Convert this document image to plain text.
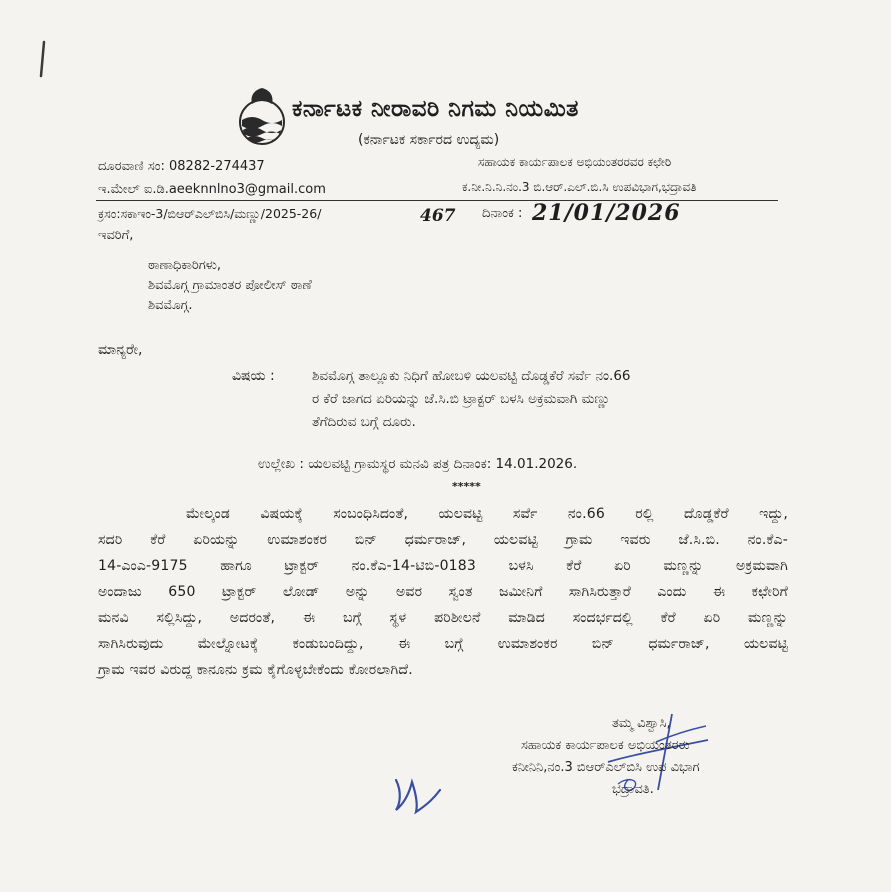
ಕರ್ನಾಟಕ ನೀರಾವರಿ ನಿಗಮ ನಿಯಮಿತ
(ಕರ್ನಾಟಕ ಸರ್ಕಾರದ ಉದ್ಯಮ)
ದೂರವಾಣಿ ಸಂ: 08282-274437
ಇ.ಮೇಲ್ ಐ.ಡಿ.aeeknnlno3@gmail.com
ಸಹಾಯಕ ಕಾರ್ಯಪಾಲಕ ಅಭಿಯಂತರರವರ ಕಛೇರಿ
ಕ.ನೀ.ನಿ.ನಿ.ನಂ.3 ಬಿ.ಆರ್.ಎಲ್.ಬಿ.ಸಿ ಉಪವಿಭಾಗ,ಭದ್ರಾವತಿ
ಕ್ರಸಂ:ಸಕಾಇಂ-3/ಬಿಆರ್‌ಎಲ್‌ಬಿಸಿ/ಮಣ್ಣು/2025-26/	467 ದಿನಾಂಕ : 21/01/2026
ಇವರಿಗೆ,
ಠಾಣಾಧಿಕಾರಿಗಳು,
ಶಿವಮೊಗ್ಗ ಗ್ರಾಮಾಂತರ ಪೋಲೀಸ್ ಠಾಣೆ
ಶಿವಮೊಗ್ಗ.
ಮಾನ್ಯರೇ,
ವಿಷಯ :	ಶಿವಮೊಗ್ಗ ತಾಲ್ಲೂಕು ನಿಧಿಗೆ ಹೋಬಳಿ ಯಲವಟ್ಟಿ ದೊಡ್ಡಕೆರೆ ಸರ್ವೆ ನಂ.66
ರ ಕೆರೆ ಜಾಗದ ಏರಿಯನ್ನು ಜೆ.ಸಿ.ಬಿ ಟ್ರಾಕ್ಟರ್ ಬಳಸಿ ಅಕ್ರಮವಾಗಿ ಮಣ್ಣು
ತೆಗೆದಿರುವ ಬಗ್ಗೆ ದೂರು.
ಉಲ್ಲೇಖ : ಯಲವಟ್ಟಿ ಗ್ರಾಮಸ್ಥರ ಮನವಿ ಪತ್ರ ದಿನಾಂಕ: 14.01.2026.
*****
ಮೇಲ್ಕಂಡ ವಿಷಯಕ್ಕೆ ಸಂಬಂಧಿಸಿದಂತೆ, ಯಲವಟ್ಟಿ ಸರ್ವೆ ನಂ.66 ರಲ್ಲಿ ದೊಡ್ಡಕೆರೆ ಇದ್ದು,
ಸದರಿ ಕೆರೆ ಏರಿಯನ್ನು ಉಮಾಶಂಕರ ಬಿನ್ ಧರ್ಮರಾಜ್, ಯಲವಟ್ಟಿ ಗ್ರಾಮ ಇವರು ಜೆ.ಸಿ.ಬಿ. ನಂ.ಕೆಎ-
14-ಎಂಎ-9175 ಹಾಗೂ ಟ್ರಾಕ್ಟರ್ ನಂ.ಕೆಎ-14-ಟಿಬಿ-0183 ಬಳಸಿ ಕೆರೆ ಏರಿ ಮಣ್ಣನ್ನು ಅಕ್ರಮವಾಗಿ
ಅಂದಾಜು 650 ಟ್ರಾಕ್ಟರ್ ಲೋಡ್ ಅನ್ನು ಅವರ ಸ್ವಂತ ಜಮೀನಿಗೆ ಸಾಗಿಸಿರುತ್ತಾರೆ ಎಂದು ಈ ಕಛೇರಿಗೆ
ಮನವಿ ಸಲ್ಲಿಸಿದ್ದು, ಅದರಂತೆ, ಈ ಬಗ್ಗೆ ಸ್ಥಳ ಪರಿಶೀಲನೆ ಮಾಡಿದ ಸಂದರ್ಭದಲ್ಲಿ ಕೆರೆ ಏರಿ ಮಣ್ಣನ್ನು
ಸಾಗಿಸಿರುವುದು ಮೇಲ್ನೋಟಕ್ಕೆ ಕಂಡುಬಂದಿದ್ದು, ಈ ಬಗ್ಗೆ ಉಮಾಶಂಕರ ಬಿನ್ ಧರ್ಮರಾಜ್, ಯಲವಟ್ಟಿ
ಗ್ರಾಮ ಇವರ ವಿರುದ್ದ ಕಾನೂನು ಕ್ರಮ ಕೈಗೊಳ್ಳಬೇಕೆಂದು ಕೋರಲಾಗಿದೆ.
ತಮ್ಮ ವಿಶ್ವಾಸಿ,
ಸಹಾಯಕ ಕಾರ್ಯಪಾಲಕ ಅಭಿಯಂತರರು
ಕನೀನಿನಿ,ನಂ.3 ಬಿಆರ್‌ಎಲ್‌ಬಿಸಿ ಉಪ ವಿಭಾಗ
ಭದ್ರಾವತಿ.
